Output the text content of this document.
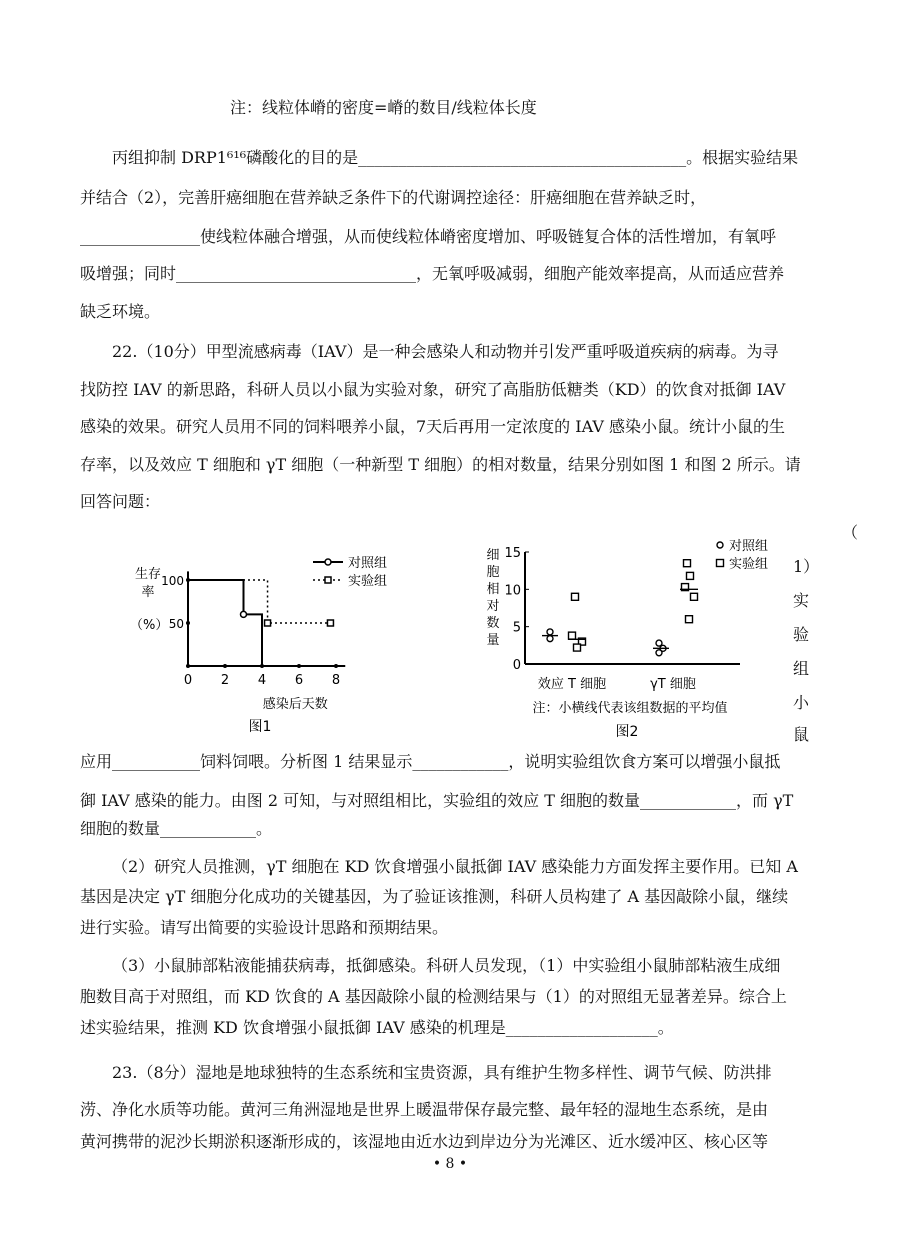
注：线粒体嵴的密度=嵴的数目/线粒体长度
丙组抑制 DRP1⁶¹⁶磷酸化的目的是_________________________________________。根据实验结果
并结合（2），完善肝癌细胞在营养缺乏条件下的代谢调控途径：肝癌细胞在营养缺乏时，
_______________使线粒体融合增强，从而使线粒体嵴密度增加、呼吸链复合体的活性增加，有氧呼
吸增强；同时______________________________，无氧呼吸减弱，细胞产能效率提高，从而适应营养
缺乏环境。
22.（10分）甲型流感病毒（IAV）是一种会感染人和动物并引发严重呼吸道疾病的病毒。为寻
找防控 IAV 的新思路，科研人员以小鼠为实验对象，研究了高脂肪低糖类（KD）的饮食对抵御 IAV
感染的效果。研究人员用不同的饲料喂养小鼠，7天后再用一定浓度的 IAV 感染小鼠。统计小鼠的生
存率，以及效应 T 细胞和 γT 细胞（一种新型 T 细胞）的相对数量，结果分别如图 1 和图 2 所示。请
回答问题：
（
1）
实
验
组
小
鼠
0 2 4 6 8
50
100
生存
率
（%）
感染后天数
图1
对照组
实验组
0
5
10
15
细
胞
相
对
数
量
效应 T 细胞	γT 细胞
注：小横线代表该组数据的平均值
图2
对照组
实验组
应用___________饲料饲喂。分析图 1 结果显示____________，说明实验组饮食方案可以增强小鼠抵
御 IAV 感染的能力。由图 2 可知，与对照组相比，实验组的效应 T 细胞的数量____________，而 γT
细胞的数量____________。
（2）研究人员推测，γT 细胞在 KD 饮食增强小鼠抵御 IAV 感染能力方面发挥主要作用。已知 A
基因是决定 γT 细胞分化成功的关键基因，为了验证该推测，科研人员构建了 A 基因敲除小鼠，继续
进行实验。请写出简要的实验设计思路和预期结果。
（3）小鼠肺部粘液能捕获病毒，抵御感染。科研人员发现，（1）中实验组小鼠肺部粘液生成细
胞数目高于对照组，而 KD 饮食的 A 基因敲除小鼠的检测结果与（1）的对照组无显著差异。综合上
述实验结果，推测 KD 饮食增强小鼠抵御 IAV 感染的机理是___________________。
23.（8分）湿地是地球独特的生态系统和宝贵资源，具有维护生物多样性、调节气候、防洪排
涝、净化水质等功能。黄河三角洲湿地是世界上暖温带保存最完整、最年轻的湿地生态系统，是由
黄河携带的泥沙长期淤积逐渐形成的，该湿地由近水边到岸边分为光滩区、近水缓冲区、核心区等
• 8 •
